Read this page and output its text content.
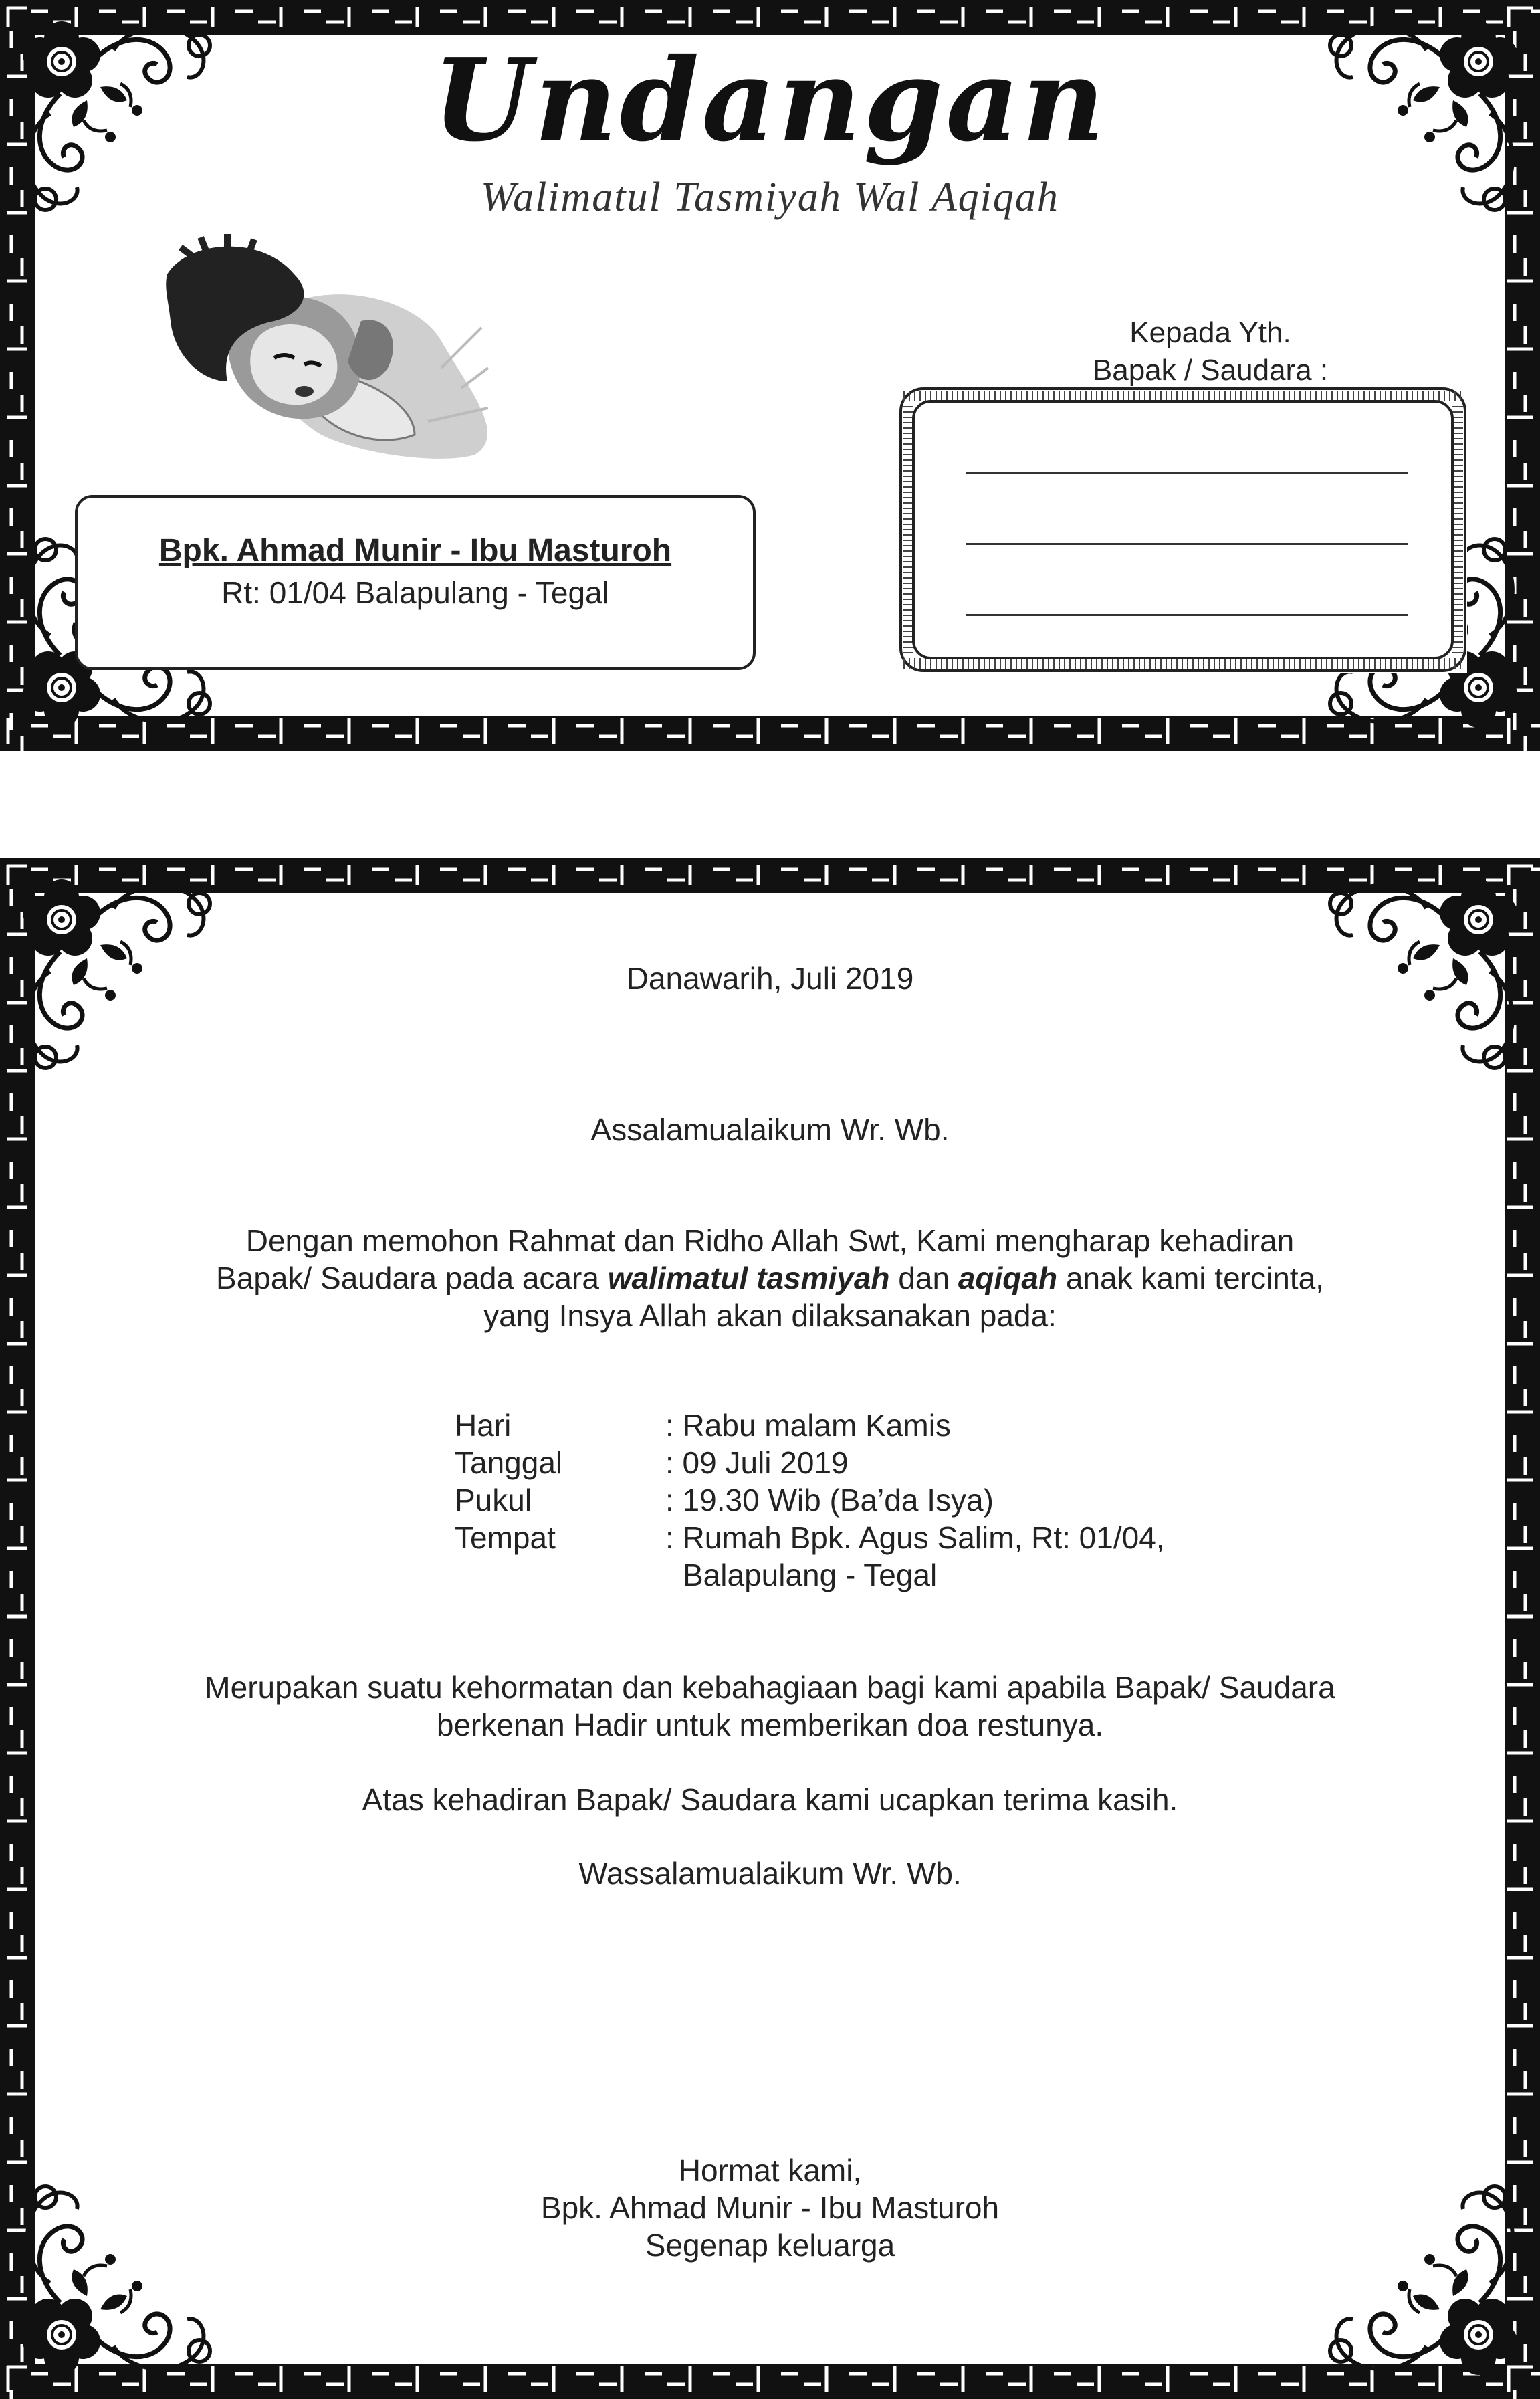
Undangan
Walimatul Tasmiyah Wal Aqiqah
Kepada Yth.
Bapak / Saudara :
Bpk. Ahmad Munir - Ibu Masturoh
Rt: 01/04 Balapulang - Tegal
Danawarih, Juli 2019
Assalamualaikum Wr. Wb.
Dengan memohon Rahmat dan Ridho Allah Swt, Kami mengharap kehadiran
Bapak/ Saudara pada acara walimatul tasmiyah dan aqiqah anak kami tercinta,
yang Insya Allah akan dilaksanakan pada:
Hari	: Rabu malam Kamis
Tanggal	: 09 Juli 2019
Pukul	: 19.30 Wib (Ba’da Isya)
Tempat	: Rumah Bpk. Agus Salim, Rt: 01/04,
Balapulang - Tegal
Merupakan suatu kehormatan dan kebahagiaan bagi kami apabila Bapak/ Saudara
berkenan Hadir untuk memberikan doa restunya.
Atas kehadiran Bapak/ Saudara kami ucapkan terima kasih.
Wassalamualaikum Wr. Wb.
Hormat kami,
Bpk. Ahmad Munir - Ibu Masturoh
Segenap keluarga
